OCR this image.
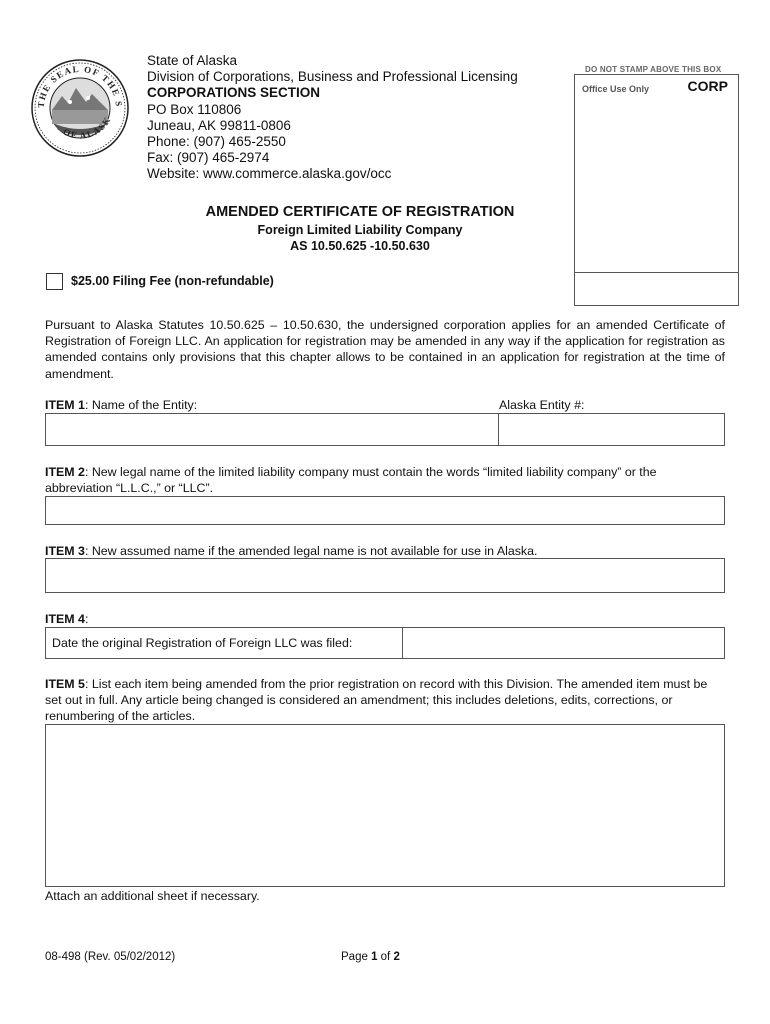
THE SEAL OF THE S
OF ALASK
State of Alaska
Division of Corporations, Business and Professional Licensing
CORPORATIONS SECTION
PO Box 110806
Juneau, AK 99811-0806
Phone: (907) 465-2550
Fax: (907) 465-2974
Website: www.commerce.alaska.gov/occ
DO NOT STAMP ABOVE THIS BOX
Office Use Only	CORP
AMENDED CERTIFICATE OF REGISTRATION
Foreign Limited Liability Company
AS 10.50.625 -10.50.630
$25.00 Filing Fee (non-refundable)
Pursuant to Alaska Statutes 10.50.625 – 10.50.630, the undersigned corporation applies for an amended Certificate of Registration of Foreign LLC. An application for registration may be amended in any way if the application for registration as amended contains only provisions that this chapter allows to be contained in an application for registration at the time of amendment.
ITEM 1: Name of the Entity:	Alaska Entity #:
ITEM 2: New legal name of the limited liability company must contain the words “limited liability company” or the abbreviation “L.L.C.,” or “LLC”.
ITEM 3: New assumed name if the amended legal name is not available for use in Alaska.
ITEM 4:
Date the original Registration of Foreign LLC was filed:
ITEM 5: List each item being amended from the prior registration on record with this Division. The amended item must be set out in full. Any article being changed is considered an amendment; this includes deletions, edits, corrections, or renumbering of the articles.
Attach an additional sheet if necessary.
08-498 (Rev. 05/02/2012)	Page 1 of 2
